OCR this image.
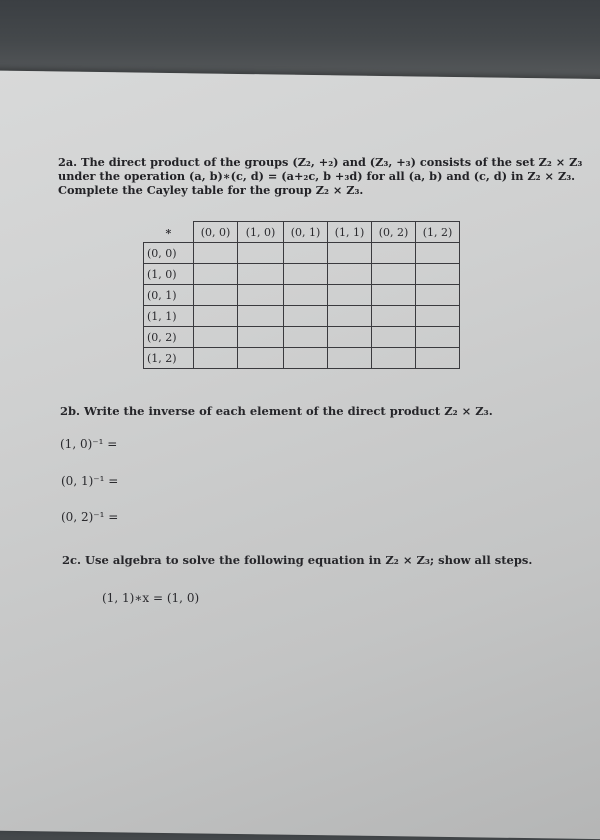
2a. The direct product of the groups (Z₂, +₂) and (Z₃, +₃) consists of the set Z₂ × Z₃
under the operation (a, b)∗(c, d) = (a+₂c, b +₃d) for all (a, b) and (c, d) in Z₂ × Z₃.
Complete the Cayley table for the group Z₂ × Z₃.
∗	(0, 0)	(1, 0)	(0, 1)	(1, 1)	(0, 2)	(1, 2)
(0, 0)						
(1, 0)						
(0, 1)						
(1, 1)						
(0, 2)						
(1, 2)						
2b. Write the inverse of each element of the direct product Z₂ × Z₃.
(1, 0)⁻¹ =
(0, 1)⁻¹ =
(0, 2)⁻¹ =
2c. Use algebra to solve the following equation in Z₂ × Z₃; show all steps.
(1, 1)∗x = (1, 0)
